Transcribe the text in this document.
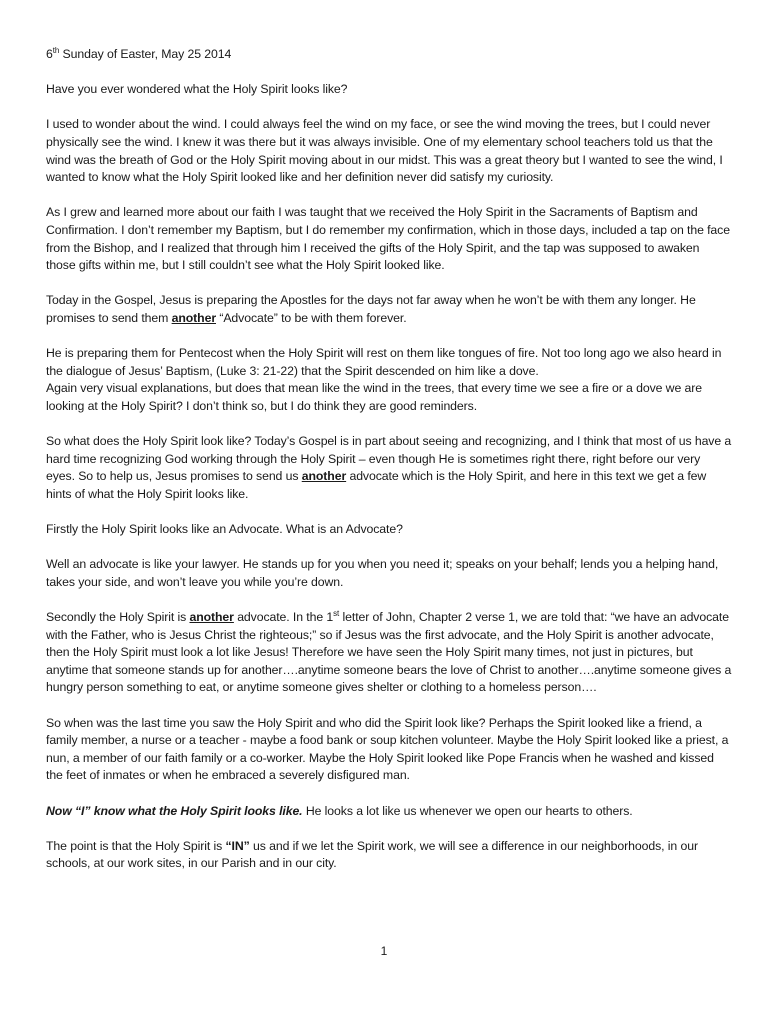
6th Sunday of Easter, May 25 2014

Have you ever wondered what the Holy Spirit looks like?

I used to wonder about the wind. I could always feel the wind on my face, or see the wind moving the trees, but I could never physically see the wind. I knew it was there but it was always invisible. One of my elementary school teachers told us that the wind was the breath of God or the Holy Spirit moving about in our midst. This was a great theory but I wanted to see the wind, I wanted to know what the Holy Spirit looked like and her definition never did satisfy my curiosity.

As I grew and learned more about our faith I was taught that we received the Holy Spirit in the Sacraments of Baptism and Confirmation. I don’t remember my Baptism, but I do remember my confirmation, which in those days, included a tap on the face from the Bishop, and I realized that through him I received the gifts of the Holy Spirit, and the tap was supposed to awaken those gifts within me, but I still couldn’t see what the Holy Spirit looked like.

Today in the Gospel, Jesus is preparing the Apostles for the days not far away when he won’t be with them any longer. He promises to send them another “Advocate” to be with them forever.

He is preparing them for Pentecost when the Holy Spirit will rest on them like tongues of fire. Not too long ago we also heard in the dialogue of Jesus’ Baptism, (Luke 3: 21-22) that the Spirit descended on him like a dove.
Again very visual explanations, but does that mean like the wind in the trees, that every time we see a fire or a dove we are looking at the Holy Spirit? I don’t think so, but I do think they are good reminders.

So what does the Holy Spirit look like? Today’s Gospel is in part about seeing and recognizing, and I think that most of us have a hard time recognizing God working through the Holy Spirit – even though He is sometimes right there, right before our very eyes. So to help us, Jesus promises to send us another advocate which is the Holy Spirit, and here in this text we get a few hints of what the Holy Spirit looks like.

Firstly the Holy Spirit looks like an Advocate. What is an Advocate?

Well an advocate is like your lawyer. He stands up for you when you need it; speaks on your behalf; lends you a helping hand, takes your side, and won’t leave you while you’re down.

Secondly the Holy Spirit is another advocate. In the 1st letter of John, Chapter 2 verse 1, we are told that: “we have an advocate with the Father, who is Jesus Christ the righteous;” so if Jesus was the first advocate, and the Holy Spirit is another advocate, then the Holy Spirit must look a lot like Jesus! Therefore we have seen the Holy Spirit many times, not just in pictures, but anytime that someone stands up for another….anytime someone bears the love of Christ to another….anytime someone gives a hungry person something to eat, or anytime someone gives shelter or clothing to a homeless person….

So when was the last time you saw the Holy Spirit and who did the Spirit look like? Perhaps the Spirit looked like a friend, a family member, a nurse or a teacher - maybe a food bank or soup kitchen volunteer. Maybe the Holy Spirit looked like a priest, a nun, a member of our faith family or a co-worker. Maybe the Holy Spirit looked like Pope Francis when he washed and kissed the feet of inmates or when he embraced a severely disfigured man.

Now “I” know what the Holy Spirit looks like. He looks a lot like us whenever we open our hearts to others.

The point is that the Holy Spirit is “IN” us and if we let the Spirit work, we will see a difference in our neighborhoods, in our schools, at our work sites, in our Parish and in our city.

1
